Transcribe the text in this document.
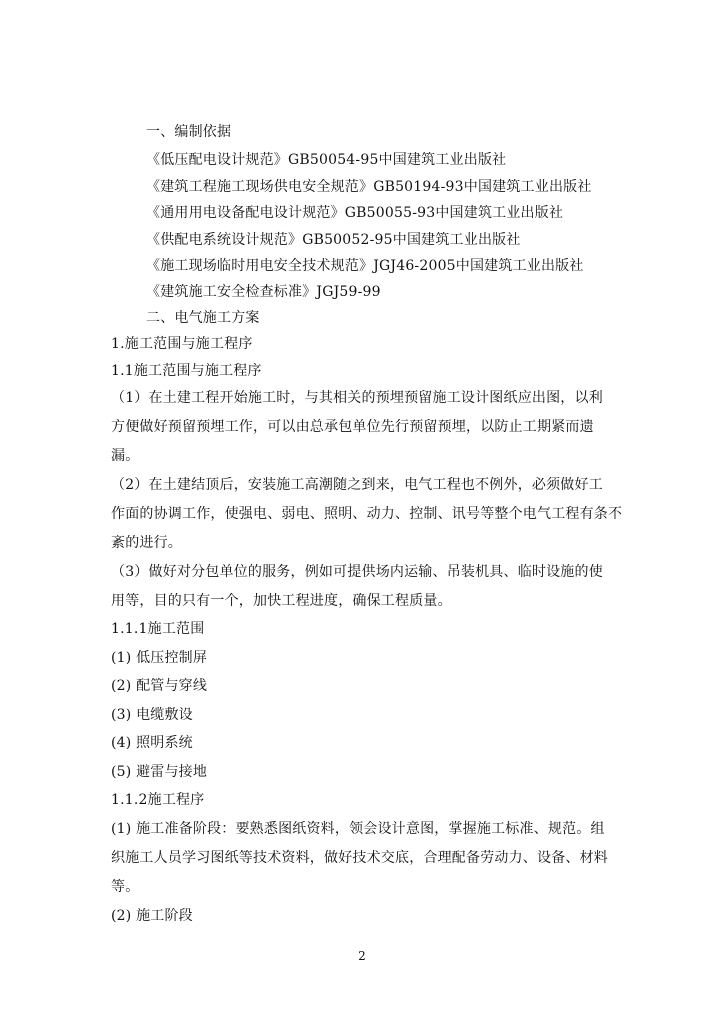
一、编制依据
《低压配电设计规范》GB50054-95中国建筑工业出版社
《建筑工程施工现场供电安全规范》GB50194-93中国建筑工业出版社
《通用用电设备配电设计规范》GB50055-93中国建筑工业出版社
《供配电系统设计规范》GB50052-95中国建筑工业出版社
《施工现场临时用电安全技术规范》JGJ46-2005中国建筑工业出版社
《建筑施工安全检查标准》JGJ59-99
二、电气施工方案
1.施工范围与施工程序
1.1施工范围与施工程序
（1）在土建工程开始施工时，与其相关的预埋预留施工设计图纸应出图，以利
方便做好预留预埋工作，可以由总承包单位先行预留预埋，以防止工期紧而遗
漏。
（2）在土建结顶后，安装施工高潮随之到来，电气工程也不例外，必须做好工
作面的协调工作，使强电、弱电、照明、动力、控制、讯号等整个电气工程有条不
紊的进行。
（3）做好对分包单位的服务，例如可提供场内运输、吊装机具、临时设施的使
用等，目的只有一个，加快工程进度，确保工程质量。
1.1.1施工范围
(1) 低压控制屏
(2) 配管与穿线
(3) 电缆敷设
(4) 照明系统
(5) 避雷与接地
1.1.2施工程序
(1) 施工准备阶段：要熟悉图纸资料，领会设计意图，掌握施工标准、规范。组
织施工人员学习图纸等技术资料，做好技术交底，合理配备劳动力、设备、材料
等。
(2) 施工阶段
2
